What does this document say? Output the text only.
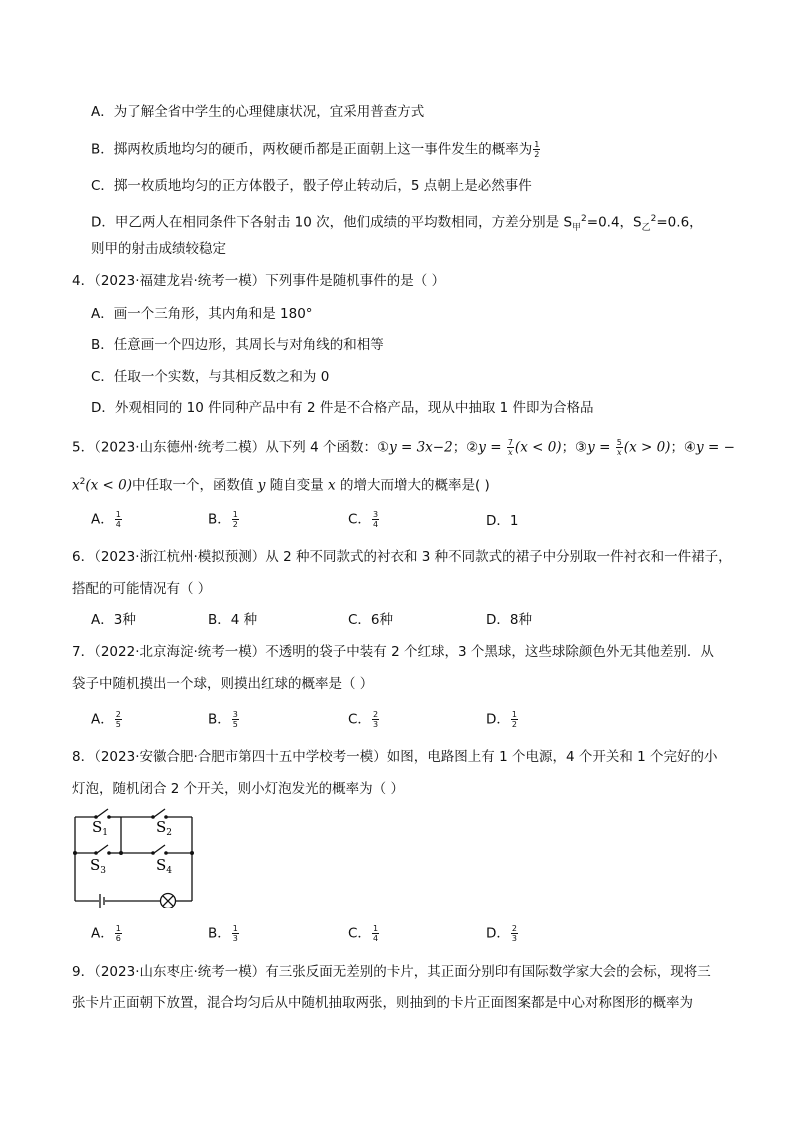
A．为了解全省中学生的心理健康状况，宜采用普查方式
B．掷两枚质地均匀的硬币，两枚硬币都是正面朝上这一事件发生的概率为 $\frac{1}{2}$
C．掷一枚质地均匀的正方体骰子，骰子停止转动后，5 点朝上是必然事件
D．甲乙两人在相同条件下各射击 10 次，他们成绩的平均数相同，方差分别是 $S_甲^2=0.4$，$S_乙^2=0.6$，
则甲的射击成绩较稳定
4．（2023·福建龙岩·统考一模）下列事件是随机事件的是（ ）
A．画一个三角形，其内角和是 180°
B．任意画一个四边形，其周长与对角线的和相等
C．任取一个实数，与其相反数之和为 0
D．外观相同的 10 件同种产品中有 2 件是不合格产品，现从中抽取 1 件即为合格品
5．（2023·山东德州·统考二模）从下列 4 个函数：①y = 3x−2；②y = $\frac{7}{x} (x < 0)$；③y = $\frac{5}{x} (x > 0)$；④y = −
$x^2(x < 0)$中任取一个，函数值 y 随自变量 x 的增大而增大的概率是( )
A． $\frac{1}{4}$	B． $\frac{1}{2}$	C． $\frac{3}{4}$	D．1
6．（2023·浙江杭州·模拟预测）从 2 种不同款式的衬衣和 3 种不同款式的裙子中分别取一件衬衣和一件裙子，
搭配的可能情况有（ ）
A．3种	B．4 种	C．6种	D．8种
7．（2022·北京海淀·统考一模）不透明的袋子中装有 2 个红球，3 个黑球，这些球除颜色外无其他差别．从
袋子中随机摸出一个球，则摸出红球的概率是（ ）
A． $\frac{2}{5}$	B． $\frac{3}{5}$	C． $\frac{2}{3}$	D． $\frac{1}{2}$
8．（2023·安徽合肥·合肥市第四十五中学校考一模）如图，电路图上有 1 个电源，4 个开关和 1 个完好的小
灯泡，随机闭合 2 个开关，则小灯泡发光的概率为（ ）
$S_1$	$S_2$
$S_3$	$S_4$
A． $\frac{1}{6}$	B． $\frac{1}{3}$	C． $\frac{1}{4}$	D． $\frac{2}{3}$
9．（2023·山东枣庄·统考一模）有三张反面无差别的卡片，其正面分别印有国际数学家大会的会标，现将三
张卡片正面朝下放置，混合均匀后从中随机抽取两张，则抽到的卡片正面图案都是中心对称图形的概率为
